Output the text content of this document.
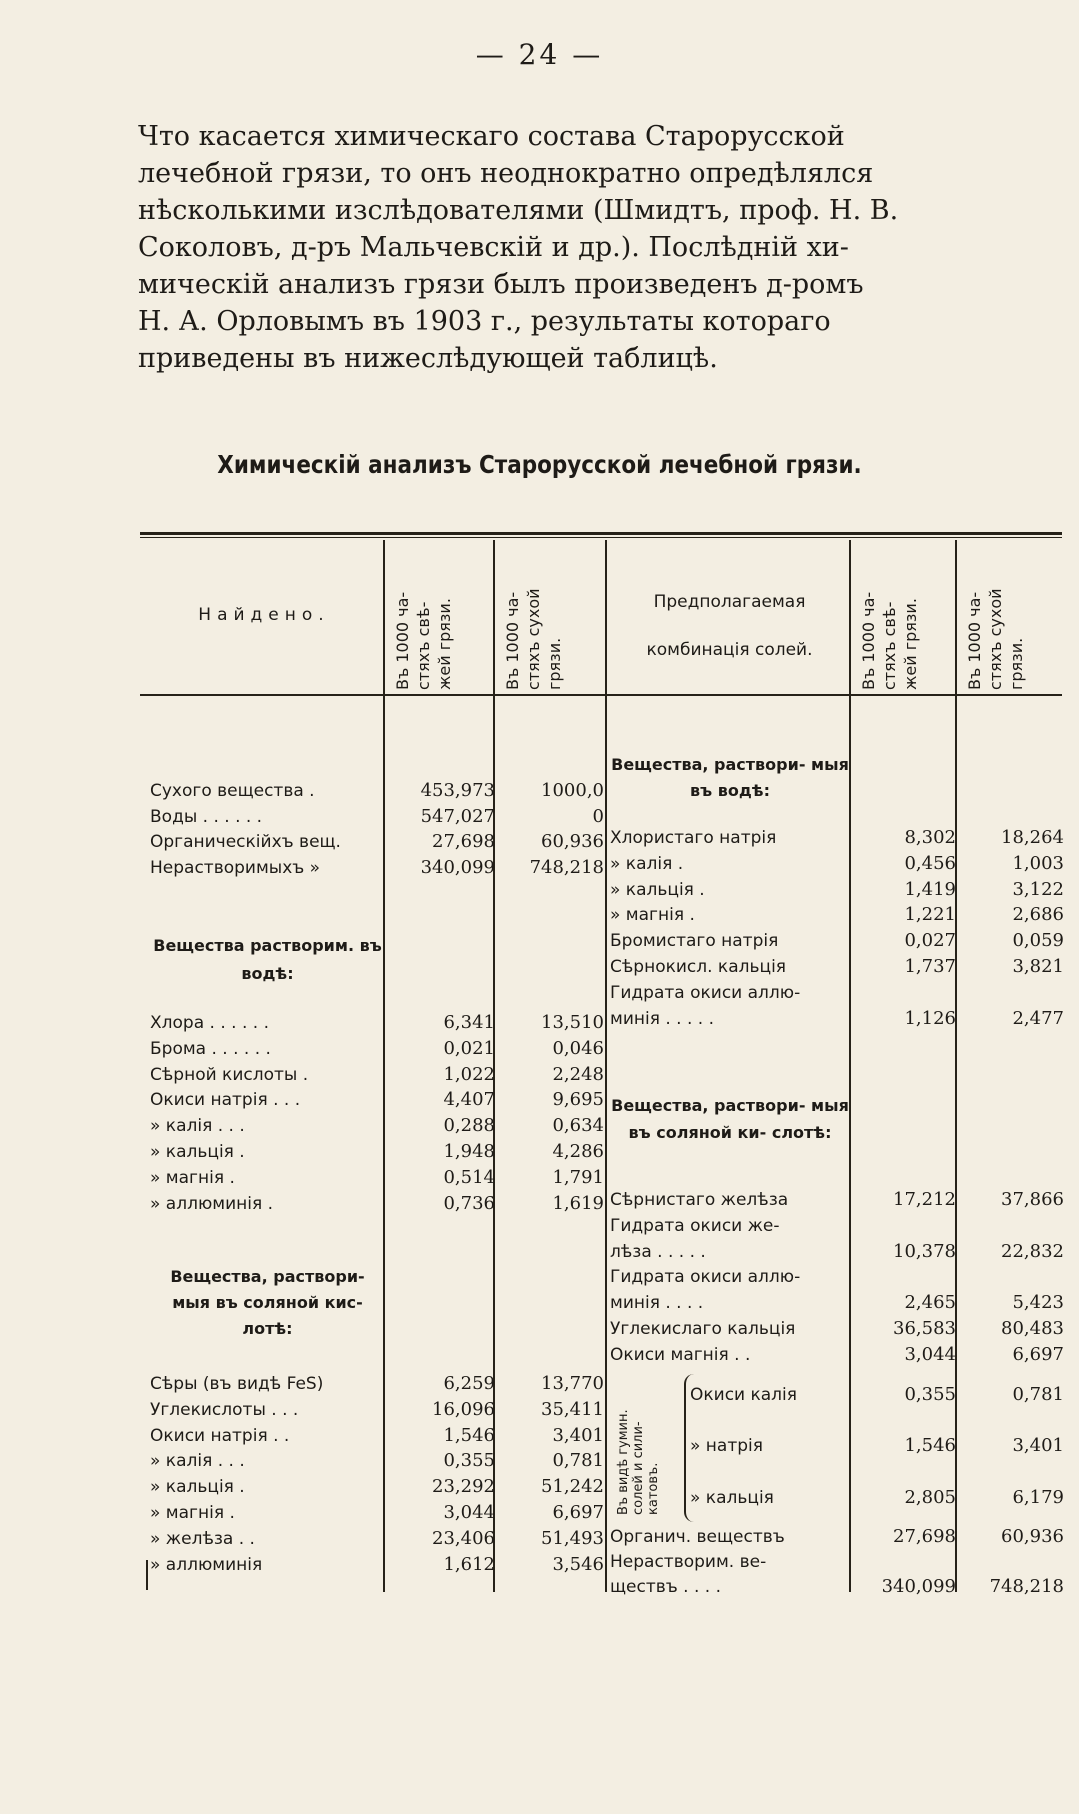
— 24 —
Что касается химическаго состава Старорусской
лечебной грязи, то онъ неоднократно опредѣлялся
нѣсколькими изслѣдователями (Шмидтъ, проф. Н. В.
Соколовъ, д-ръ Мальчевскій и др.). Послѣдній хи-
мическій анализъ грязи былъ произведенъ д-ромъ
Н. А. Орловымъ въ 1903 г., результаты котораго
приведены въ нижеслѣдующей таблицѣ.
Химическій анализъ Старорусской лечебной грязи.
Найдено.	Въ 1000 ча- стяхъ свѣ- жей грязи.	Въ 1000 ча- стяхъ сухой грязи.
Предполагаемая
комбинація солей.	Въ 1000 ча- стяхъ свѣ- жей грязи.	Въ 1000 ча- стяхъ сухой грязи.
Вещества растворим. въ водѣ:
Вещества, раствори- мыя въ соляной кис- лотѣ:
Вещества, раствори- мыя въ водѣ:
Вещества, раствори- мыя въ соляной ки- слотѣ:
Въ видѣ гумин. солей и сили- катовъ.
Сухого вещества .	453,973	1000,0
Воды . . . . . .	547,027	0
Органическійхъ вещ.	27,698	60,936
Нерастворимыхъ »	340,099	748,218
Хлора . . . . . .	6,341	13,510
Брома . . . . . .	0,021	0,046
Сѣрной кислоты .	1,022	2,248
Окиси натрія . . .	4,407	9,695
» калія . . .	0,288	0,634
» кальція .	1,948	4,286
» магнія .	0,514	1,791
» аллюминія .	0,736	1,619
Сѣры (въ видѣ FeS)	6,259	13,770
Углекислоты . . .	16,096	35,411
Окиси натрія . .	1,546	3,401
» калія . . .	0,355	0,781
» кальція .	23,292	51,242
» магнія .	3,044	6,697
» желѣза . .	23,406	51,493
» аллюминія	1,612	3,546
Хлористаго натрія	8,302	18,264
» калія .	0,456	1,003
» кальція .	1,419	3,122
» магнія .	1,221	2,686
Бромистаго натрія	0,027	0,059
Сѣрнокисл. кальція	1,737	3,821
Гидрата окиси аллю-
минія . . . . .	1,126	2,477
Сѣрнистаго желѣза	17,212	37,866
Гидрата окиси же-
лѣза . . . . .	10,378	22,832
Гидрата окиси аллю-
минія . . . .	2,465	5,423
Углекислаго кальція	36,583	80,483
Окиси магнія . .	3,044	6,697
Окиси калія	0,355	0,781
» натрія	1,546	3,401
» кальція	2,805	6,179
Органич. веществъ	27,698	60,936
Нерастворим. ве-
ществъ . . . .	340,099	748,218
